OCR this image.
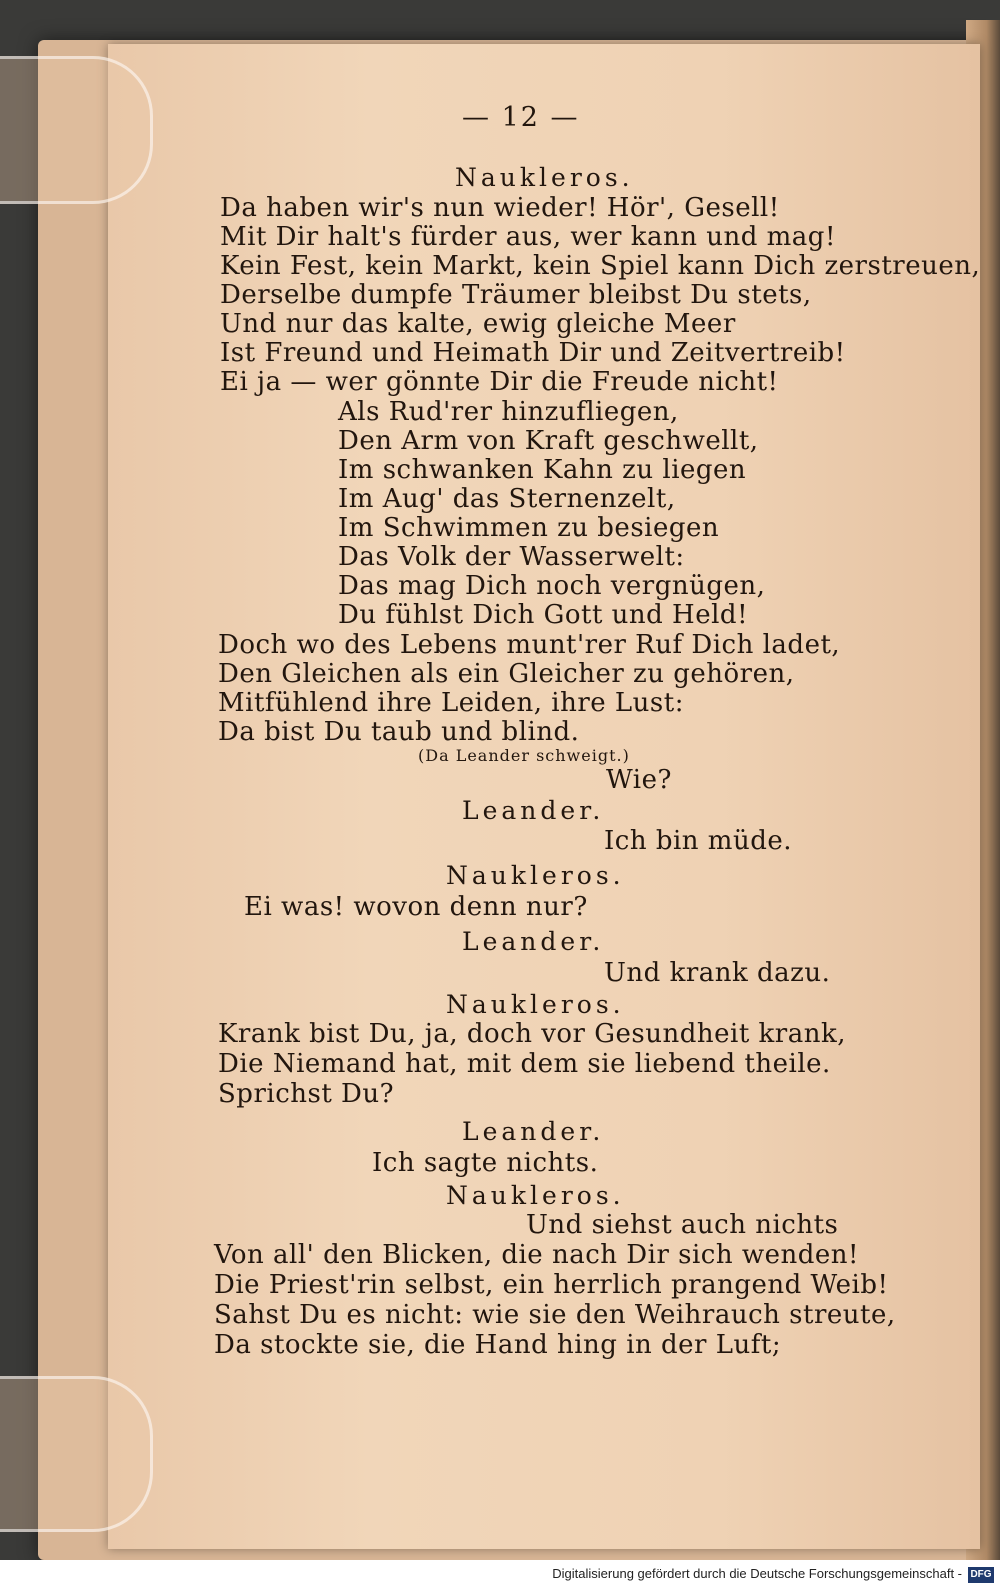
— 12 —
Naukleros.
Da haben wir's nun wieder! Hör', Gesell!
Mit Dir halt's fürder aus, wer kann und mag!
Kein Fest, kein Markt, kein Spiel kann Dich zerstreuen,
Derselbe dumpfe Träumer bleibst Du stets,
Und nur das kalte, ewig gleiche Meer
Ist Freund und Heimath Dir und Zeitvertreib!
Ei ja — wer gönnte Dir die Freude nicht!
Als Rud'rer hinzufliegen,
Den Arm von Kraft geschwellt,
Im schwanken Kahn zu liegen
Im Aug' das Sternenzelt,
Im Schwimmen zu besiegen
Das Volk der Wasserwelt:
Das mag Dich noch vergnügen,
Du fühlst Dich Gott und Held!
Doch wo des Lebens munt'rer Ruf Dich ladet,
Den Gleichen als ein Gleicher zu gehören,
Mitfühlend ihre Leiden, ihre Lust:
Da bist Du taub und blind.
(Da Leander schweigt.)
Wie?
Leander.
Ich bin müde.
Naukleros.
Ei was! wovon denn nur?
Leander.
Und krank dazu.
Naukleros.
Krank bist Du, ja, doch vor Gesundheit krank,
Die Niemand hat, mit dem sie liebend theile.
Sprichst Du?
Leander.
Ich sagte nichts.
Naukleros.
Und siehst auch nichts
Von all' den Blicken, die nach Dir sich wenden!
Die Priest'rin selbst, ein herrlich prangend Weib!
Sahst Du es nicht: wie sie den Weihrauch streute,
Da stockte sie, die Hand hing in der Luft;
Digitalisierung gefördert durch die Deutsche Forschungsgemeinschaft - DFG
